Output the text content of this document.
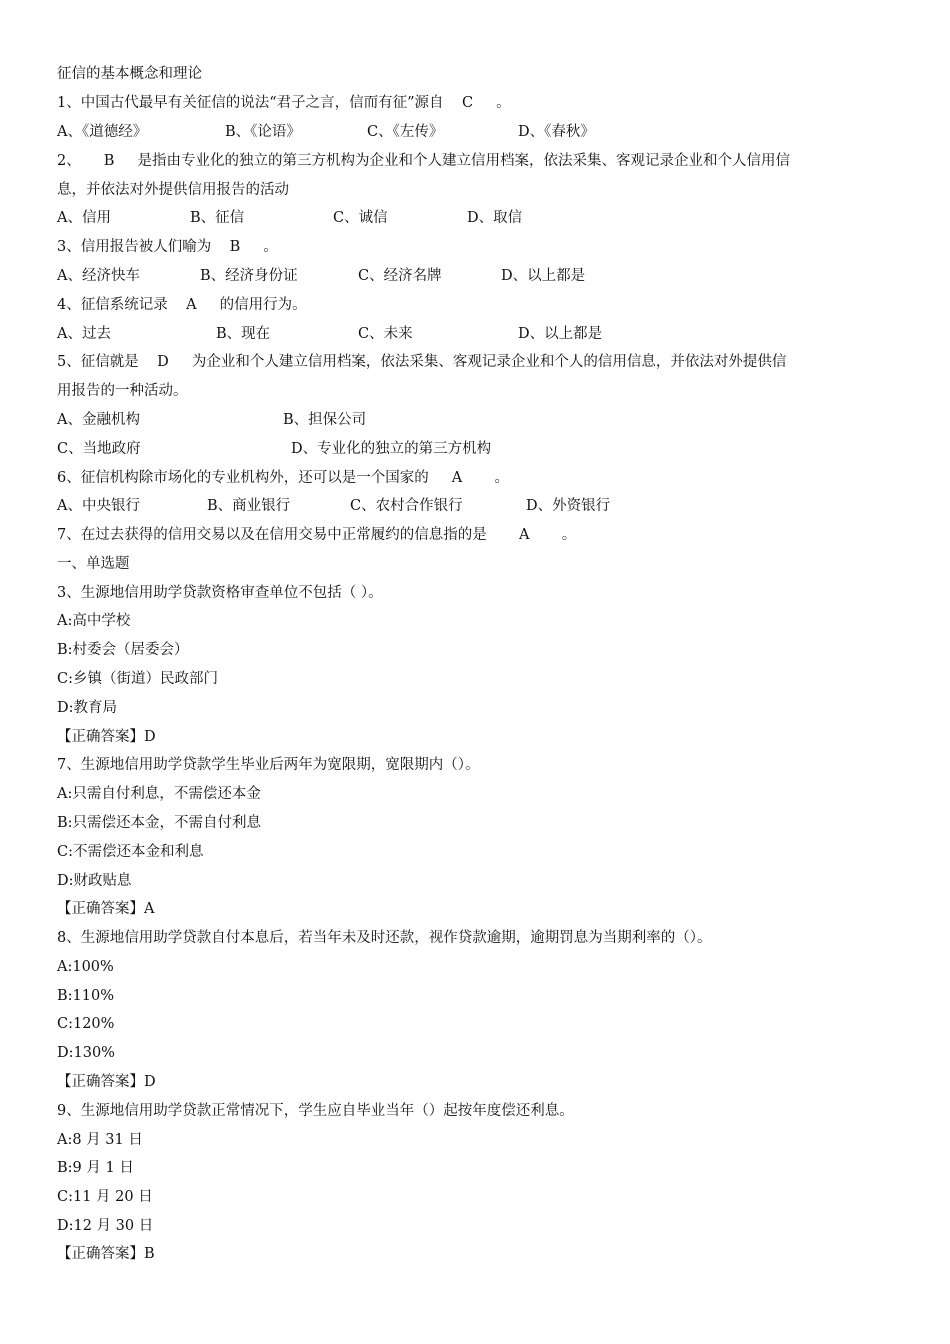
征信的基本概念和理论
1、中国古代最早有关征信的说法“君子之言，信而有征”源自    C     。
A、《道德经》	B、《论语》	C、《左传》	D、《春秋》
2、     B     是指由专业化的独立的第三方机构为企业和个人建立信用档案，依法采集、客观记录企业和个人信用信
息，并依法对外提供信用报告的活动
A、信用	B、征信	C、诚信	D、取信
3、信用报告被人们喻为    B     。
A、经济快车	B、经济身份证	C、经济名牌	D、以上都是
4、征信系统记录    A     的信用行为。
A、过去	B、现在	C、未来	D、以上都是
5、征信就是    D     为企业和个人建立信用档案，依法采集、客观记录企业和个人的信用信息，并依法对外提供信
用报告的一种活动。
A、金融机构	B、担保公司
C、当地政府	D、专业化的独立的第三方机构
6、征信机构除市场化的专业机构外，还可以是一个国家的     A       。
A、中央银行	B、商业银行	C、农村合作银行	D、外资银行
7、在过去获得的信用交易以及在信用交易中正常履约的信息指的是       A       。
一、单选题
3、生源地信用助学贷款资格审查单位不包括（ ）。
A:高中学校
B:村委会（居委会）
C:乡镇（街道）民政部门
D:教育局
【正确答案】D
7、生源地信用助学贷款学生毕业后两年为宽限期，宽限期内（）。
A:只需自付利息，不需偿还本金
B:只需偿还本金，不需自付利息
C:不需偿还本金和利息
D:财政贴息
【正确答案】A
8、生源地信用助学贷款自付本息后，若当年未及时还款，视作贷款逾期，逾期罚息为当期利率的（）。
A:100%
B:110%
C:120%
D:130%
【正确答案】D
9、生源地信用助学贷款正常情况下，学生应自毕业当年（）起按年度偿还利息。
A:8 月 31 日
B:9 月 1 日
C:11 月 20 日
D:12 月 30 日
【正确答案】B
